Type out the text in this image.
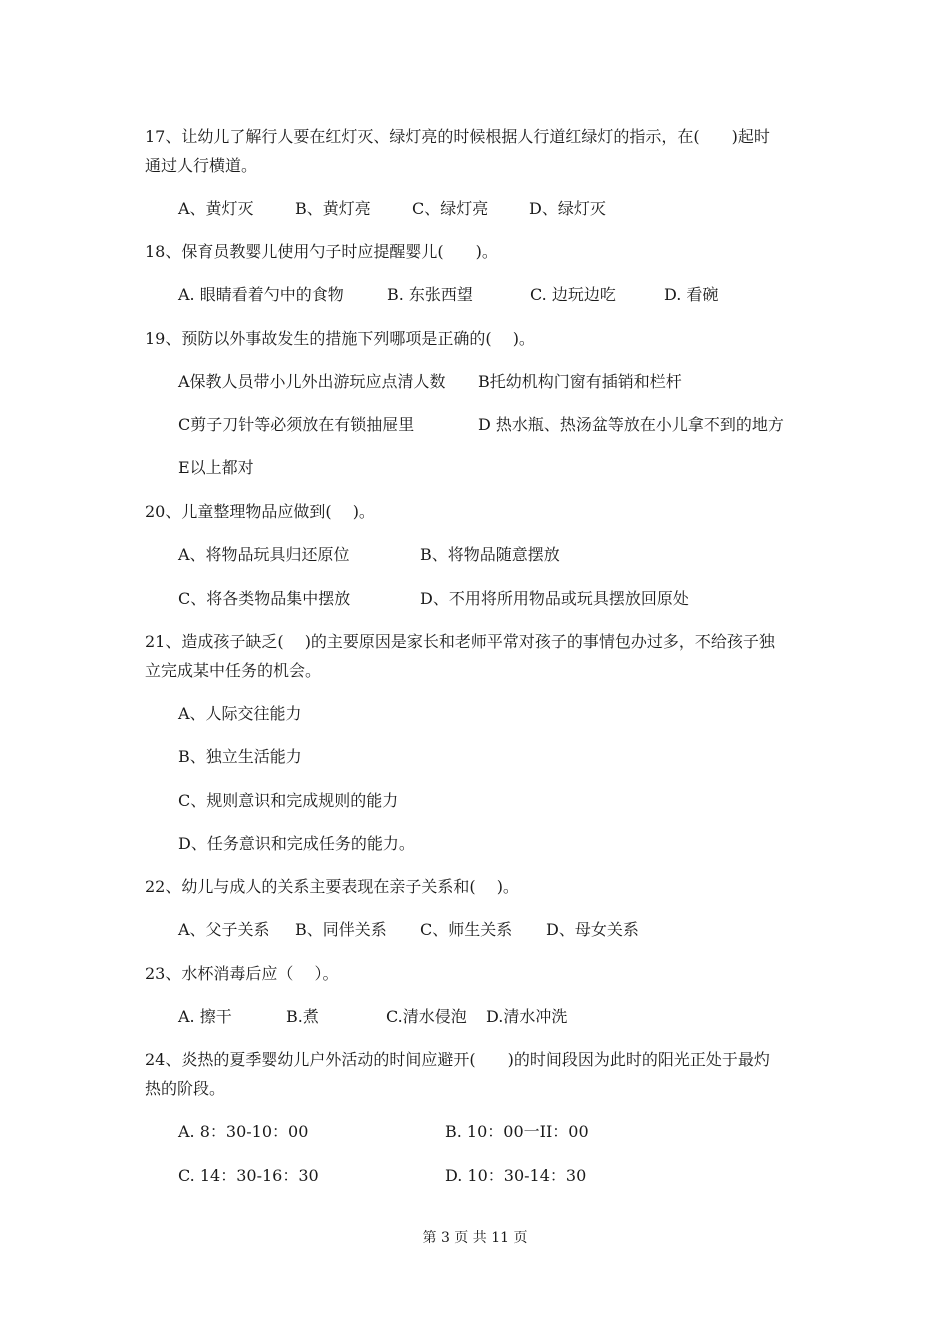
17、让幼儿了解行人要在红灯灭、绿灯亮的时候根据人行道红绿灯的指示，在(　　)起时
通过人行横道。
A、黄灯灭	B、黄灯亮	C、绿灯亮	D、绿灯灭
18、保育员教婴儿使用勺子时应提醒婴儿(　　)。
A. 眼睛看着勺中的食物	B. 东张西望	C. 边玩边吃	D. 看碗
19、预防以外事故发生的措施下列哪项是正确的(　 )。
A保教人员带小儿外出游玩应点清人数 B托幼机构门窗有插销和栏杆
C剪子刀针等必须放在有锁抽屉里	D 热水瓶、热汤盆等放在小儿拿不到的地方
E以上都对
20、儿童整理物品应做到(　 )。
A、将物品玩具归还原位	B、将物品随意摆放
C、将各类物品集中摆放	D、不用将所用物品或玩具摆放回原处
21、造成孩子缺乏(　 )的主要原因是家长和老师平常对孩子的事情包办过多，不给孩子独
立完成某中任务的机会。
A、人际交往能力
B、独立生活能力
C、规则意识和完成规则的能力
D、任务意识和完成任务的能力。
22、幼儿与成人的关系主要表现在亲子关系和(　 )。
A、父子关系 B、同伴关系 C、师生关系 D、母女关系
23、水杯消毒后应（　 ）。
A. 擦干	B.煮	C.清水侵泡 D.清水冲洗
24、炎热的夏季婴幼儿户外活动的时间应避开(　　)的时间段因为此时的阳光正处于最灼
热的阶段。
A. 8：30-10：00	B. 10：00一II：00
C. 14：30-16：30	D. 10：30-14：30
第 3 页 共 11 页
